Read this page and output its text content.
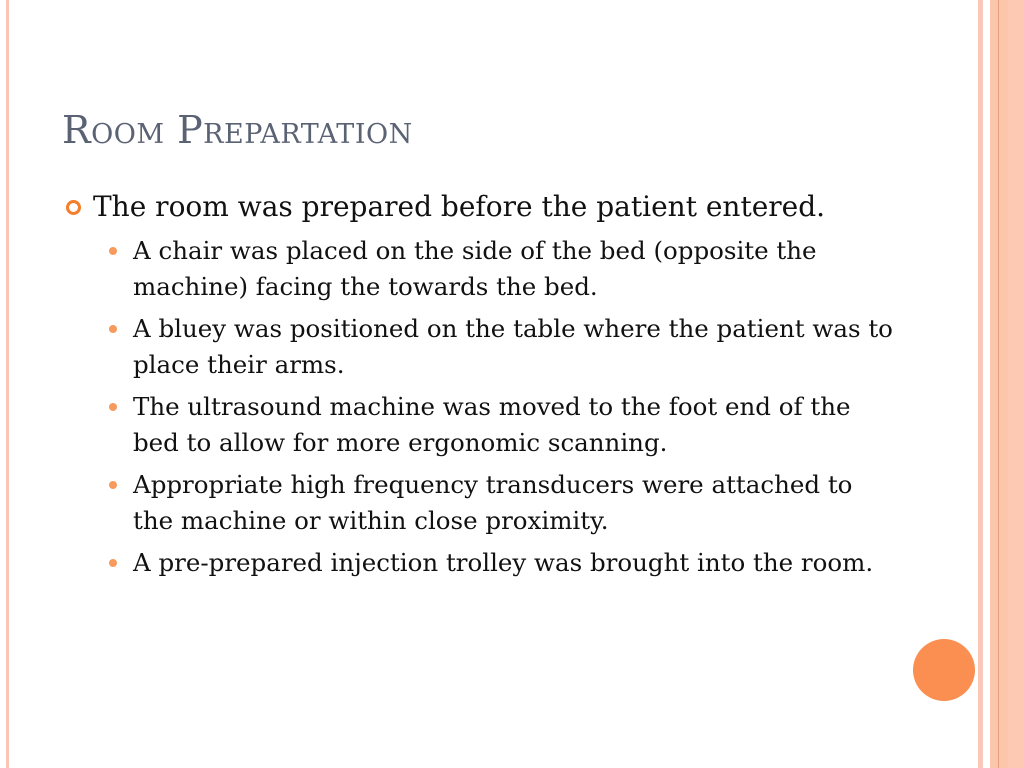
Room Prepartation
The room was prepared before the patient entered.
A chair was placed on the side of the bed (opposite the machine) facing the towards the bed.
A bluey was positioned on the table where the patient was to place their arms.
The ultrasound machine was moved to the foot end of the bed to allow for more ergonomic scanning.
Appropriate high frequency transducers were attached to the machine or within close proximity.
A pre-prepared injection trolley was brought into the room.
